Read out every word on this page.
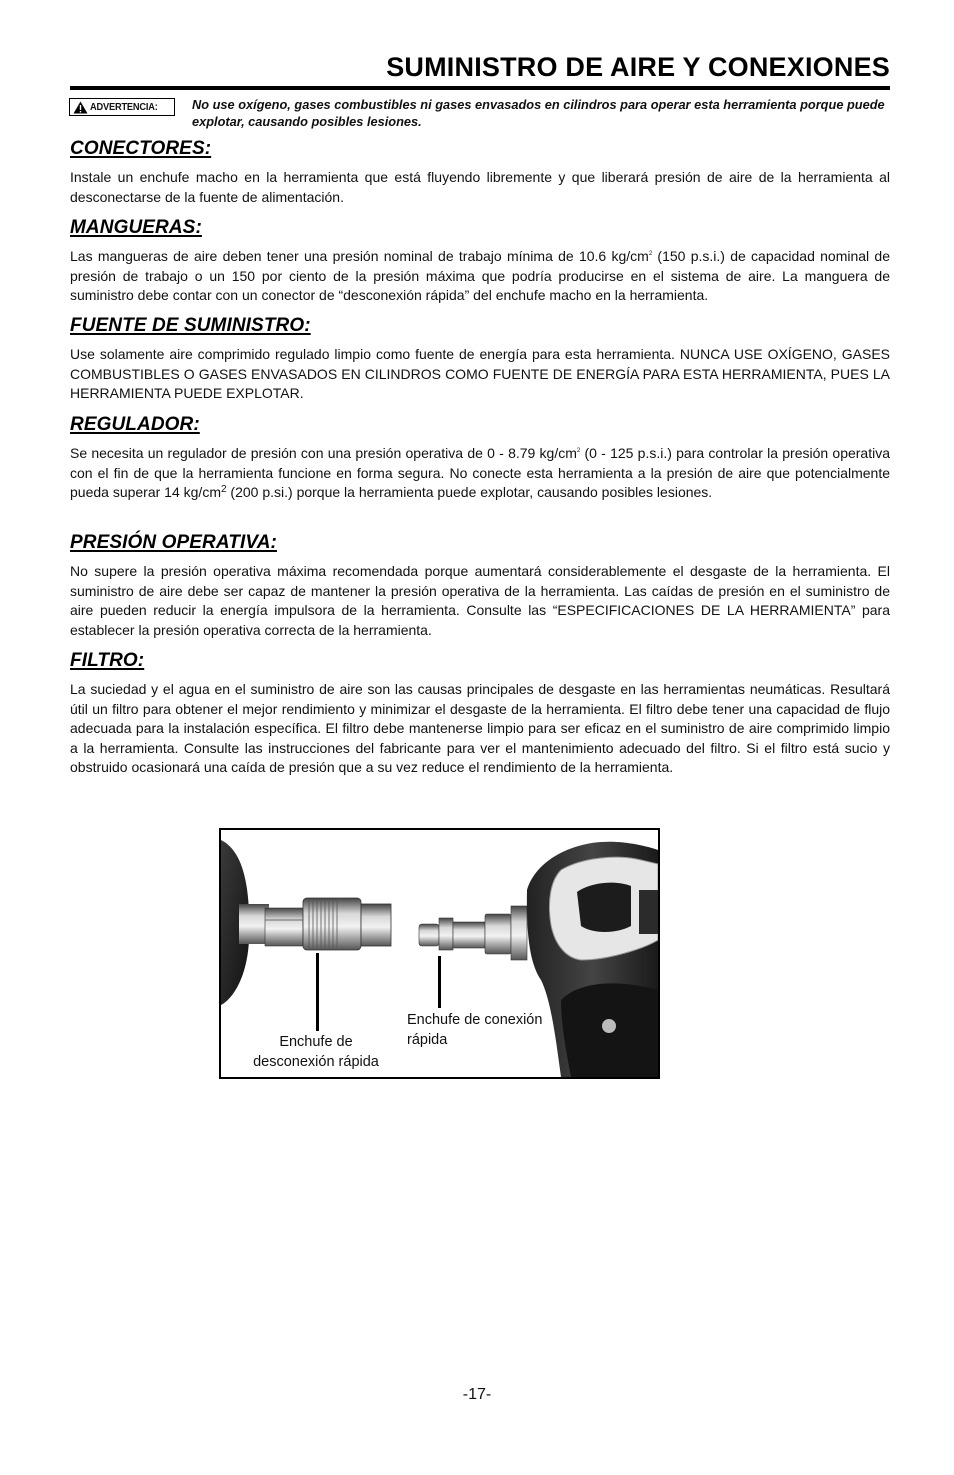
SUMINISTRO DE AIRE Y CONEXIONES
ADVERTENCIA:	No use oxígeno, gases combustibles ni gases envasados en cilindros para operar esta herramienta porque puede explotar, causando posibles lesiones.
CONECTORES:

Instale un enchufe macho en la herramienta que está fluyendo libremente y que liberará presión de aire de la herramienta al desconectarse de la fuente de alimentación.

MANGUERAS:

Las mangueras de aire deben tener una presión nominal de trabajo mínima de 10.6 $kg/cm^2$ (150 p.s.i.) de capacidad nominal de presión de trabajo o un 150 por ciento de la presión máxima que podría producirse en el sistema de aire. La manguera de suministro debe contar con un conector de “desconexión rápida” del enchufe macho en la herramienta.

FUENTE DE SUMINISTRO:

Use solamente aire comprimido regulado limpio como fuente de energía para esta herramienta. NUNCA USE OXÍGENO, GASES COMBUSTIBLES O GASES ENVASADOS EN CILINDROS COMO FUENTE DE ENERGÍA PARA ESTA HERRAMIENTA, PUES LA HERRAMIENTA PUEDE EXPLOTAR.

REGULADOR:

Se necesita un regulador de presión con una presión operativa de 0 - 8.79 $kg/cm^2$ (0 - 125 p.s.i.) para controlar la presión operativa con el fin de que la herramienta funcione en forma segura. No conecte esta herramienta a la presión de aire que potencialmente pueda superar 14 $kg/cm^2$ (200 p.si.) porque la herramienta puede explotar, causando posibles lesiones.

PRESIÓN OPERATIVA:

No supere la presión operativa máxima recomendada porque aumentará considerablemente el desgaste de la herramienta. El suministro de aire debe ser capaz de mantener la presión operativa de la herramienta. Las caídas de presión en el suministro de aire pueden reducir la energía impulsora de la herramienta. Consulte las “ESPECIFICACIONES DE LA HERRAMIENTA” para establecer la presión operativa correcta de la herramienta.

FILTRO:

La suciedad y el agua en el suministro de aire son las causas principales de desgaste en las herramientas neumáticas. Resultará útil un filtro para obtener el mejor rendimiento y minimizar el desgaste de la herramienta. El filtro debe tener una capacidad de flujo adecuada para la instalación específica. El filtro debe mantenerse limpio para ser eficaz en el suministro de aire comprimido limpio a la herramienta. Consulte las instrucciones del fabricante para ver el mantenimiento adecuado del filtro. Si el filtro está sucio y obstruido ocasionará una caída de presión que a su vez reduce el rendimiento de la herramienta.

Enchufe de desconexión rápida
Enchufe de conexión rápida
-17-
